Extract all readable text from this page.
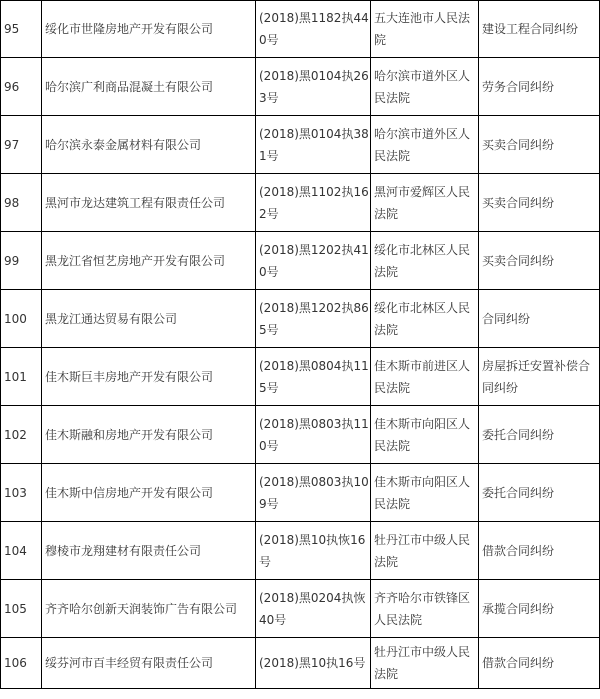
95	绥化市世隆房地产开发有限公司	(2018)黑1182执440号	五大连池市人民法院	建设工程合同纠纷
96	哈尔滨广利商品混凝土有限公司	(2018)黑0104执263号	哈尔滨市道外区人民法院	劳务合同纠纷
97	哈尔滨永泰金属材料有限公司	(2018)黑0104执381号	哈尔滨市道外区人民法院	买卖合同纠纷
98	黑河市龙达建筑工程有限责任公司	(2018)黑1102执162号	黑河市爱辉区人民法院	买卖合同纠纷
99	黑龙江省恒艺房地产开发有限公司	(2018)黑1202执410号	绥化市北林区人民法院	买卖合同纠纷
100	黑龙江通达贸易有限公司	(2018)黑1202执865号	绥化市北林区人民法院	合同纠纷
101	佳木斯巨丰房地产开发有限公司	(2018)黑0804执115号	佳木斯市前进区人民法院	房屋拆迁安置补偿合同纠纷
102	佳木斯融和房地产开发有限公司	(2018)黑0803执110号	佳木斯市向阳区人民法院	委托合同纠纷
103	佳木斯中信房地产开发有限公司	(2018)黑0803执109号	佳木斯市向阳区人民法院	委托合同纠纷
104	穆棱市龙翔建材有限责任公司	(2018)黑10执恢16号	牡丹江市中级人民法院	借款合同纠纷
105	齐齐哈尔创新天润装饰广告有限公司	(2018)黑0204执恢40号	齐齐哈尔市铁锋区人民法院	承揽合同纠纷
106	绥芬河市百丰经贸有限责任公司	(2018)黑10执16号	牡丹江市中级人民法院	借款合同纠纷
